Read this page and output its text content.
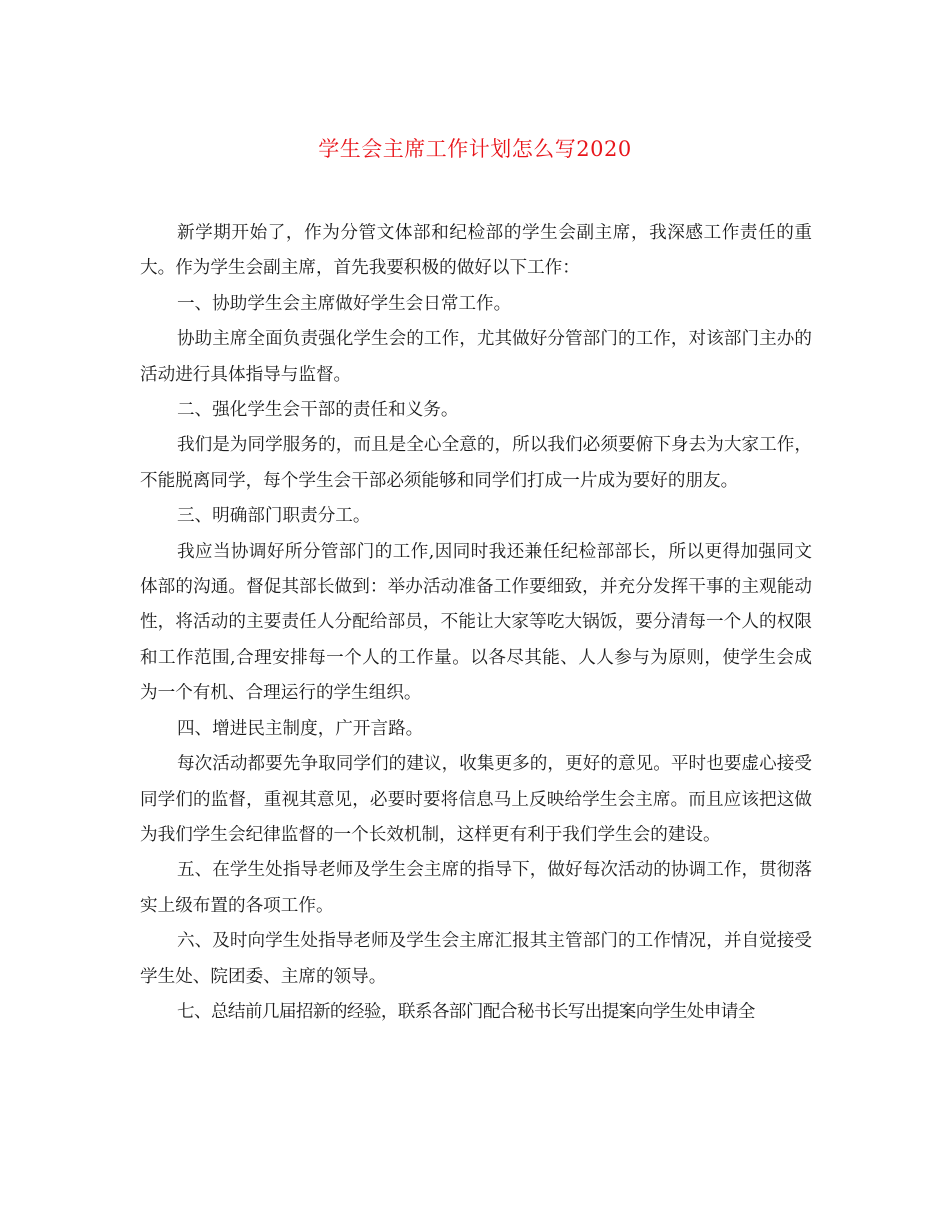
学生会主席工作计划怎么写2020

新学期开始了，作为分管文体部和纪检部的学生会副主席，我深感工作责任的重大。作为学生会副主席，首先我要积极的做好以下工作：

一、协助学生会主席做好学生会日常工作。

协助主席全面负责强化学生会的工作，尤其做好分管部门的工作，对该部门主办的活动进行具体指导与监督。

二、强化学生会干部的责任和义务。

我们是为同学服务的，而且是全心全意的，所以我们必须要俯下身去为大家工作，不能脱离同学，每个学生会干部必须能够和同学们打成一片成为要好的朋友。

三、明确部门职责分工。

我应当协调好所分管部门的工作,因同时我还兼任纪检部部长，所以更得加强同文体部的沟通。督促其部长做到：举办活动准备工作要细致，并充分发挥干事的主观能动性，将活动的主要责任人分配给部员，不能让大家等吃大锅饭，要分清每一个人的权限和工作范围,合理安排每一个人的工作量。以各尽其能、人人参与为原则，使学生会成为一个有机、合理运行的学生组织。

四、增进民主制度，广开言路。

每次活动都要先争取同学们的建议，收集更多的，更好的意见。平时也要虚心接受同学们的监督，重视其意见，必要时要将信息马上反映给学生会主席。而且应该把这做为我们学生会纪律监督的一个长效机制，这样更有利于我们学生会的建设。

五、在学生处指导老师及学生会主席的指导下，做好每次活动的协调工作，贯彻落实上级布置的各项工作。

六、及时向学生处指导老师及学生会主席汇报其主管部门的工作情况，并自觉接受学生处、院团委、主席的领导。

七、总结前几届招新的经验，联系各部门配合秘书长写出提案向学生处申请全
